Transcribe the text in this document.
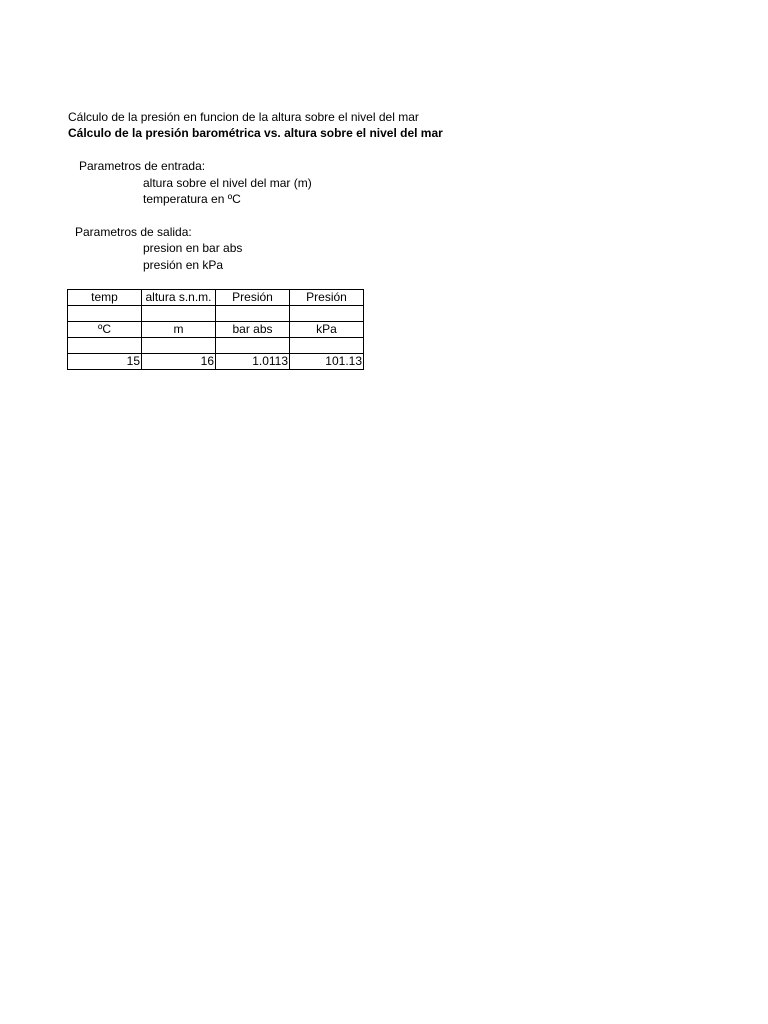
Cálculo de la presión en funcion de la altura sobre el nivel del mar
Cálculo de la presión barométrica vs. altura sobre el nivel del mar
Parametros de entrada:
altura sobre el nivel del mar (m)
temperatura en ºC
Parametros de salida:
presion en bar abs
presión en kPa
temp	altura s.n.m.	Presión	Presión

ºC	m	bar abs	kPa

15	16	1.0113	101.13
